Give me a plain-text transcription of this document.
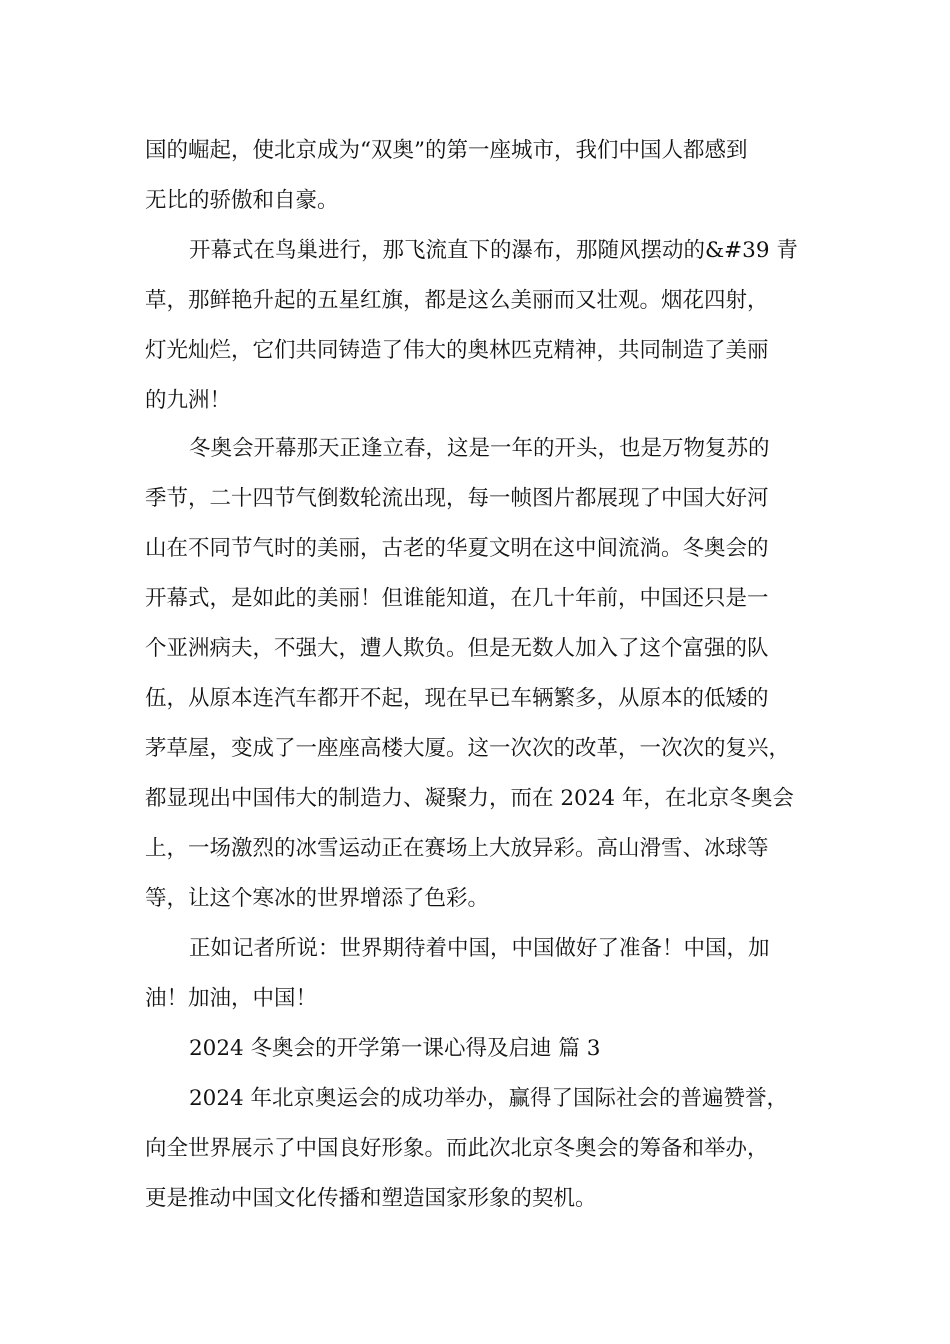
国的崛起，使北京成为“双奥”的第一座城市，我们中国人都感到
无比的骄傲和自豪。
开幕式在鸟巢进行，那飞流直下的瀑布，那随风摆动的&#39 青
草，那鲜艳升起的五星红旗，都是这么美丽而又壮观。烟花四射，
灯光灿烂，它们共同铸造了伟大的奥林匹克精神，共同制造了美丽
的九洲！
冬奥会开幕那天正逢立春，这是一年的开头，也是万物复苏的
季节，二十四节气倒数轮流出现，每一帧图片都展现了中国大好河
山在不同节气时的美丽，古老的华夏文明在这中间流淌。冬奥会的
开幕式，是如此的美丽！但谁能知道，在几十年前，中国还只是一
个亚洲病夫，不强大，遭人欺负。但是无数人加入了这个富强的队
伍，从原本连汽车都开不起，现在早已车辆繁多，从原本的低矮的
茅草屋，变成了一座座高楼大厦。这一次次的改革，一次次的复兴，
都显现出中国伟大的制造力、凝聚力，而在 2024 年，在北京冬奥会
上，一场激烈的冰雪运动正在赛场上大放异彩。高山滑雪、冰球等
等，让这个寒冰的世界增添了色彩。
正如记者所说：世界期待着中国，中国做好了准备！中国，加
油！加油，中国！
2024 冬奥会的开学第一课心得及启迪 篇 3
2024 年北京奥运会的成功举办，赢得了国际社会的普遍赞誉，
向全世界展示了中国良好形象。而此次北京冬奥会的筹备和举办，
更是推动中国文化传播和塑造国家形象的契机。
